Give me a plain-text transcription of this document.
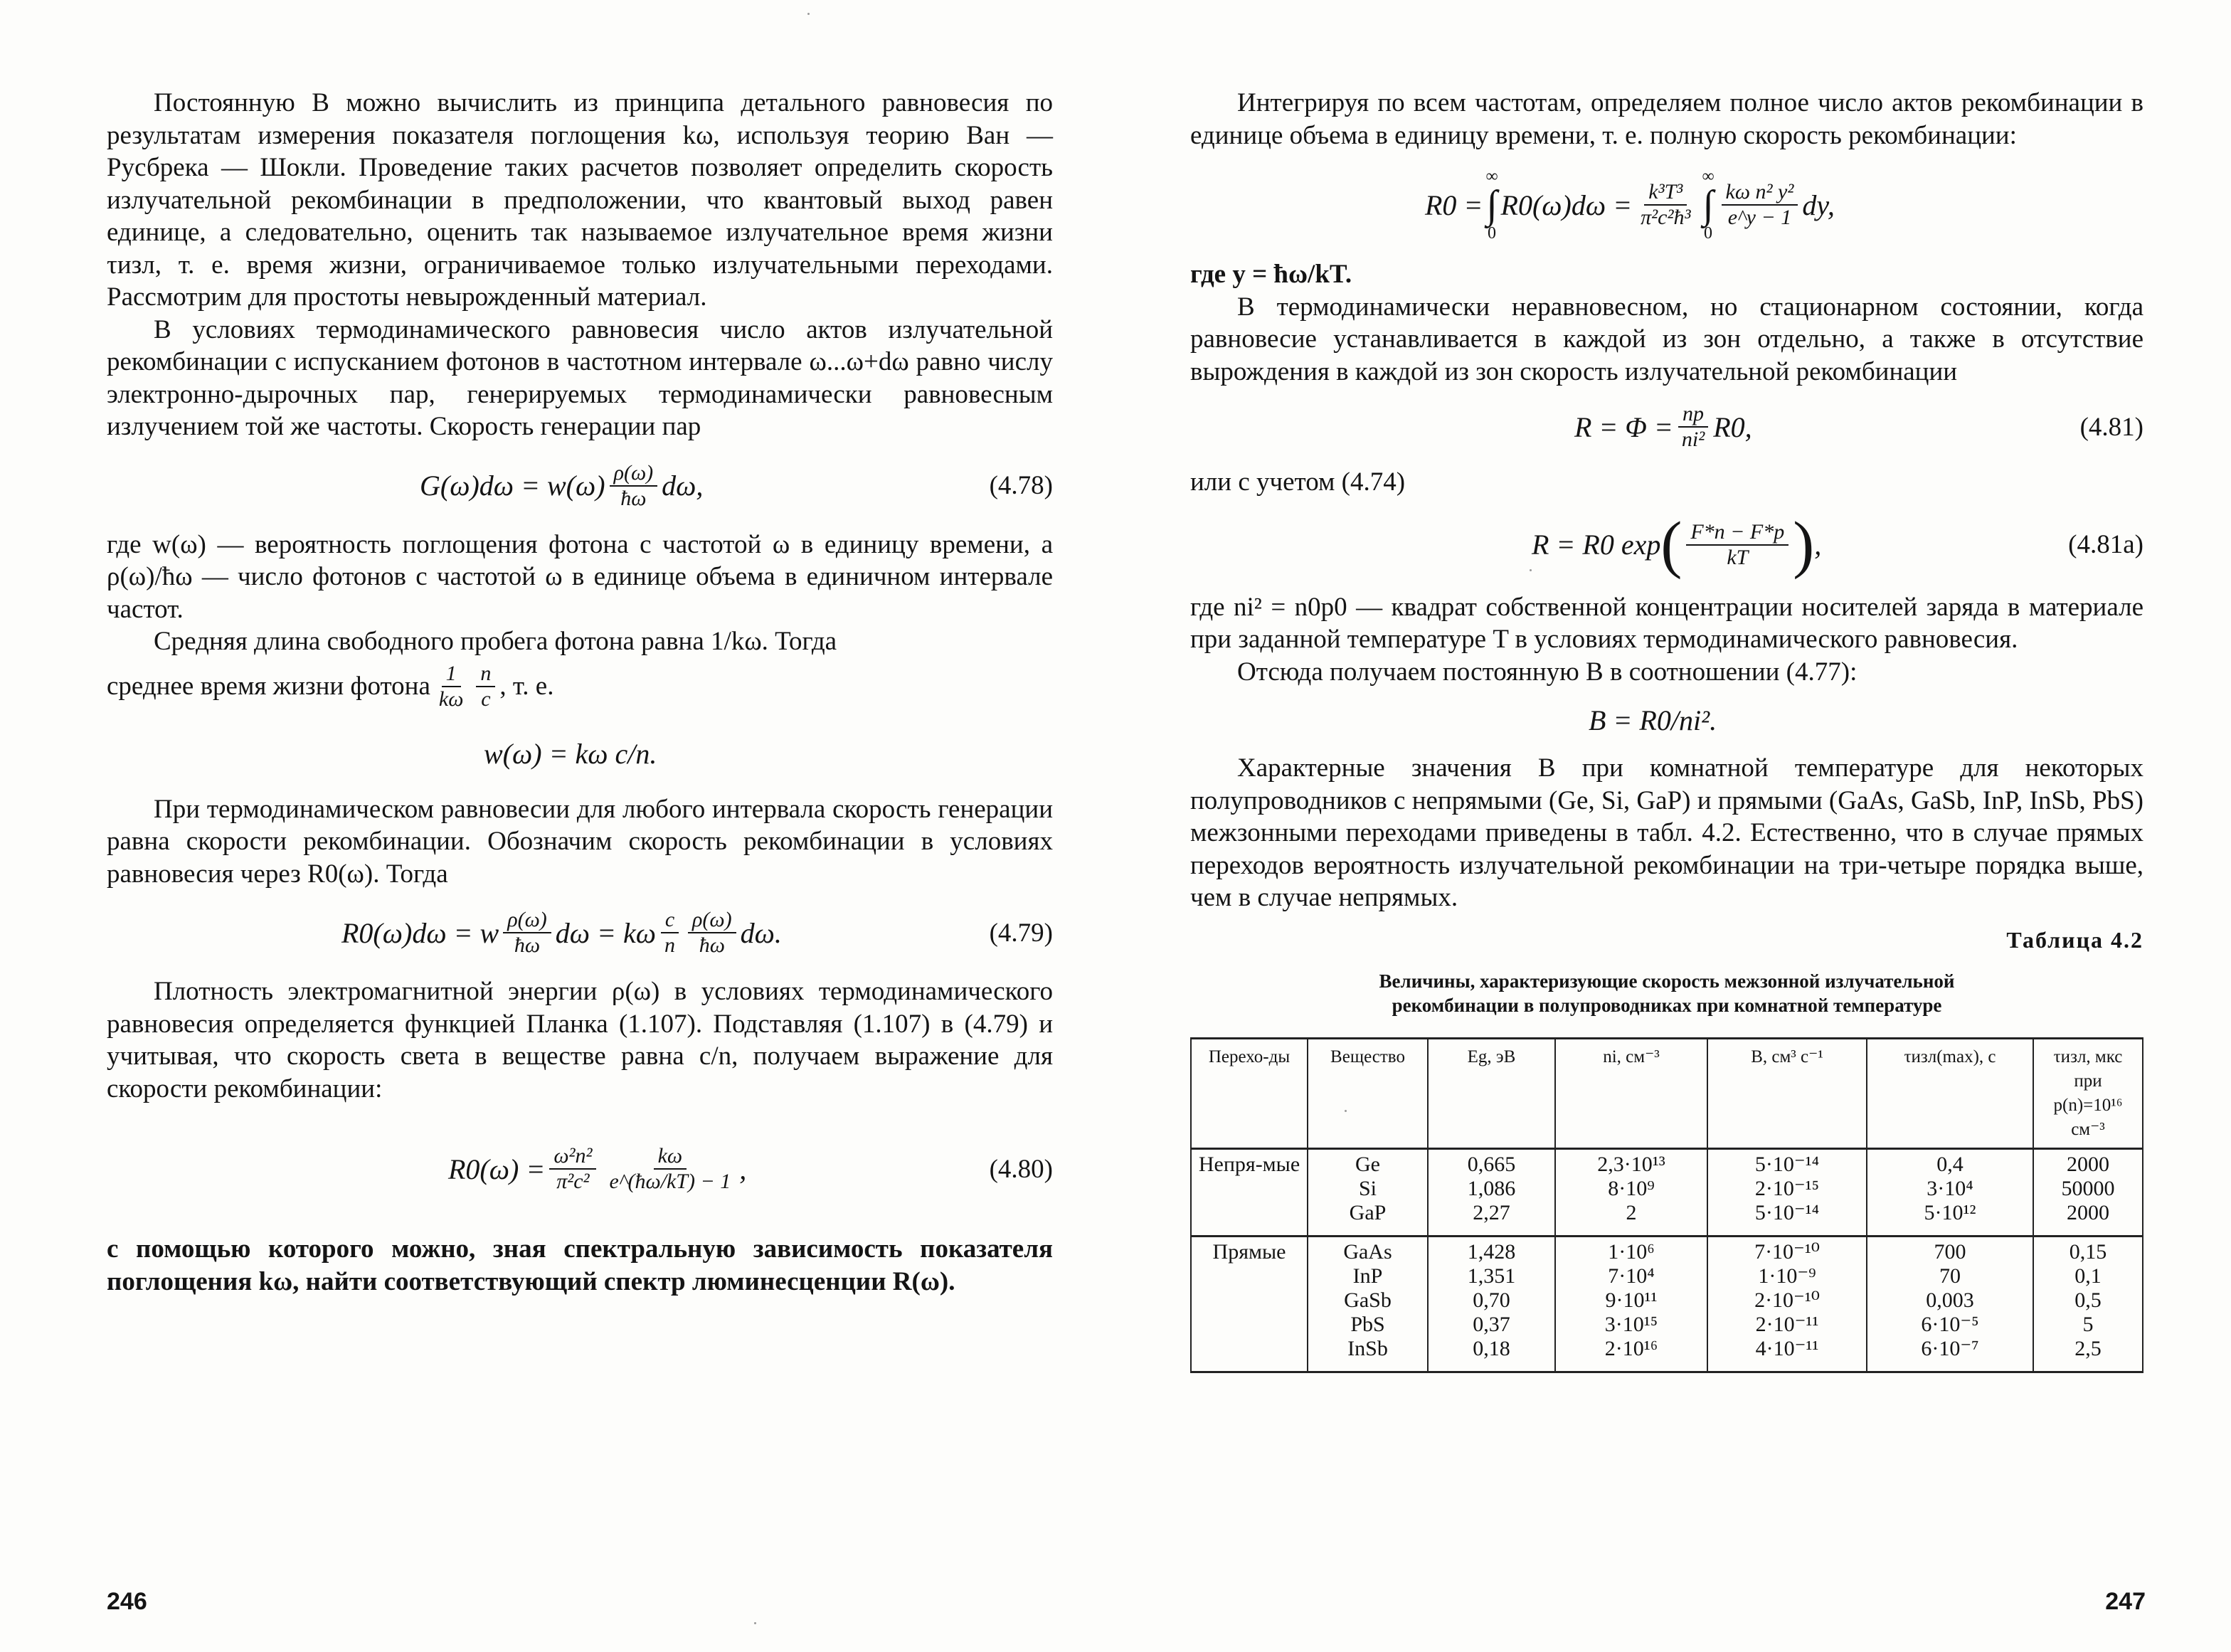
Постоянную B можно вычислить из принципа детального равновесия по результатам измерения показателя поглощения kω, используя теорию Ван — Русбрека — Шокли. Проведение таких расчетов позволяет определить скорость излучательной рекомбинации в предположении, что квантовый выход равен единице, а следовательно, оценить так называемое излучательное время жизни τизл, т. е. время жизни, ограничиваемое только излучательными переходами. Рассмотрим для простоты невырожденный материал.

В условиях термодинамического равновесия число актов излучательной рекомбинации с испусканием фотонов в частотном интервале ω...ω+dω равно числу электронно-дырочных пар, генерируемых термодинамически равновесным излучением той же частоты. Скорость генерации пар

$G(\omega)d\omega = w(\omega) \frac{\rho(\omega)}{ħ\omega} d\omega$,	(4.78)

где w(ω) — вероятность поглощения фотона с частотой ω в единицу времени, а ρ(ω)/ħω — число фотонов с частотой ω в единице объема в единичном интервале частот.

Средняя длина свободного пробега фотона равна 1/kω. Тогда

среднее время жизни фотона $\frac{1}{k\omega} \frac{n}{c}$ , т. е.
w(ω) = kω c/n.

При термодинамическом равновесии для любого интервала скорость генерации равна скорости рекомбинации. Обозначим скорость рекомбинации в условиях равновесия через R0(ω). Тогда

R0(ω)dω = w $\frac{\rho(\omega)}{ħ\omega}$ dω = kω $\frac{c}{n} \frac{\rho(\omega)}{ħ\omega} d\omega$.	(4.79)

Плотность электромагнитной энергии ρ(ω) в условиях термодинамического равновесия определяется функцией Планка (1.107). Подставляя (1.107) в (4.79) и учитывая, что скорость света в веществе равна c/n, получаем выражение для скорости рекомбинации:

$R0(\omega) = \frac{\text{ω²n²}}{\text{π²c²}} \frac{k\omega}{e\^{}(ħ\omega/kT) - 1}$ ,	(4.80)

с помощью которого можно, зная спектральную зависимость показателя поглощения kω, найти соответствующий спектр люминесценции R(ω).

246

Интегрируя по всем частотам, определяем полное число актов рекомбинации в единице объема в единицу времени, т. е. полную скорость рекомбинации:

R0 =
∞
∫
0
$R0(\omega)d\omega = \frac{\text{k³T³}}{\text{π²c²ħ³}}$
∞
∫
0
$\frac{\text{kω n² y²}}{e\^{}y - 1}$ dy,

где y = ħω/kT.

В термодинамически неравновесном, но стационарном состоянии, когда равновесие устанавливается в каждой из зон отдельно, а также в отсутствие вырождения в каждой из зон скорость излучательной рекомбинации

$R = \Phi = \frac{np}{\text{ni²}} R0$,	(4.81)

или с учетом (4.74)

R = R0 exp ( $\frac{F*n - F*p}{kT}$ ) ,	(4.81a)

где ni² = n0p0 — квадрат собственной концентрации носителей заряда в материале при заданной температуре T в условиях термодинамического равновесия.

Отсюда получаем постоянную B в соотношении (4.77):

B = R0/ni².

Характерные значения B при комнатной температуре для некоторых полупроводников с непрямыми (Ge, Si, GaP) и прямыми (GaAs, GaSb, InP, InSb, PbS) межзонными переходами приведены в табл. 4.2. Естественно, что в случае прямых переходов вероятность излучательной рекомбинации на три-четыре порядка выше, чем в случае непрямых.

Таблица 4.2
Величины, характеризующие скорость межзонной излучательной
рекомбинации в полупроводниках при комнатной температуре
Перехо-ды	Вещество	Eg, эВ	ni, см⁻³	B, см³ с⁻¹	τизл(max), с	τизл, мкс при p(n)=10¹⁶ см⁻³
Непря-мые	Ge
Si
GaP	0,665
1,086
2,27	2,3·10¹³
8·10⁹
2	5·10⁻¹⁴
2·10⁻¹⁵
5·10⁻¹⁴	0,4
3·10⁴
5·10¹²	2000
50000
2000

Прямые	GaAs
InP
GaSb
PbS
InSb	1,428
1,351
0,70
0,37
0,18	1·10⁶
7·10⁴
9·10¹¹
3·10¹⁵
2·10¹⁶	7·10⁻¹⁰
1·10⁻⁹
2·10⁻¹⁰
2·10⁻¹¹
4·10⁻¹¹	700
70
0,003
6·10⁻⁵
6·10⁻⁷	0,15
0,1
0,5
5
2,5
247
